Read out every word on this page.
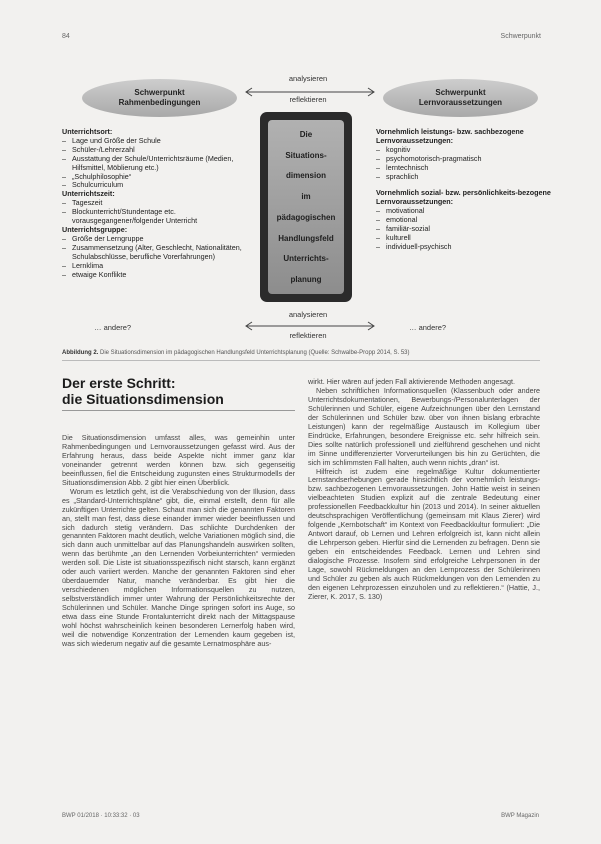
84	Schwerpunkt
Schwerpunkt
Rahmenbedingungen
Schwerpunkt
Lernvoraussetzungen
analysieren
reflektieren
Die
Situations-
dimension
im
pädagogischen
Handlungsfeld
Unterrichts-
planung
Unterrichtsort:
– Lage und Größe der Schule
– Schüler-/Lehrerzahl
– Ausstattung der Schule/Unterrichtsräume (Medien, Hilfsmittel, Möblierung etc.)
– „Schulphilosophie“
– Schulcurriculum
Unterrichtszeit:
– Tageszeit
– Blockunterricht/Stundentage etc. vorausgegangener/folgender Unterricht
Unterrichtsgruppe:
– Größe der Lerngruppe
– Zusammensetzung (Alter, Geschlecht, Nationalitäten, Schulabschlüsse, berufliche Vorerfahrungen)
– Lernklima
– etwaige Konflikte
… andere?
Vornehmlich leistungs- bzw. sachbezogene Lernvoraussetzungen:
– kognitiv
– psychomotorisch-pragmatisch
– lerntechnisch
– sprachlich
Vornehmlich sozial- bzw. persönlichkeits-bezogene Lernvoraussetzungen:
– motivational
– emotional
– familiär-sozial
– kulturell
– individuell-psychisch
… andere?
analysieren
reflektieren
Abbildung 2. Die Situationsdimension im pädagogischen Handlungsfeld Unterrichtsplanung (Quelle: Schwalbe-Propp 2014, S. 53)
Der erste Schritt:
die Situationsdimension

Die Situationsdimension umfasst alles, was gemeinhin unter Rahmenbedingungen und Lernvoraussetzungen gefasst wird. Aus der Erfahrung heraus, dass beide Aspekte nicht immer ganz klar voneinander getrennt werden können bzw. sich gegenseitig beeinflussen, fiel die Entscheidung zugunsten eines Strukturmodells der Situationsdimension Abb. 2 gibt hier einen Überblick.

Worum es letztlich geht, ist die Verabschiedung von der Illusion, dass es „Standard-Unterrichtspläne“ gibt, die, einmal erstellt, denn für alle zukünftigen Unterrichte gelten. Schaut man sich die genannten Faktoren an, stellt man fest, dass diese einander immer wieder beeinflussen und sich dadurch stetig verändern. Das schlichte Durchdenken der genannten Faktoren macht deutlich, welche Variationen möglich sind, die sich dann auch unmittelbar auf das Planungshandeln auswirken sollten, wenn das berühmte „an den Lernenden Vorbeiunterrichten“ vermieden werden soll. Die Liste ist situationsspezifisch nicht starsch, kann ergänzt oder auch variiert werden. Manche der genannten Faktoren sind eher überdauernder Natur, manche veränderbar. Es gibt hier die verschiedenen möglichen Informationsquellen zu nutzen, selbstverständlich immer unter Wahrung der Persönlichkeitsrechte der Schülerinnen und Schüler. Manche Dinge springen sofort ins Auge, so etwa dass eine Stunde Frontalunterricht direkt nach der Mittagspause wohl höchst wahrscheinlich keinen besonderen Lernerfolg haben wird, weil die notwendige Konzentration der Lernenden kaum gegeben ist, was sich wiederum negativ auf die gesamte Lernatmosphäre aus-

wirkt. Hier wären auf jeden Fall aktivierende Methoden angesagt.

Neben schriftlichen Informationsquellen (Klassenbuch oder andere Unterrichtsdokumentationen, Bewerbungs-/Personalunterlagen der Schülerinnen und Schüler, eigene Aufzeichnungen über den Lernstand der Schülerinnen und Schüler bzw. über von ihnen bislang erbrachte Leistungen) kann der regelmäßige Austausch im Kollegium über Eindrücke, Erfahrungen, besondere Ereignisse etc. sehr hilfreich sein. Dies sollte natürlich professionell und zielführend geschehen und nicht im Sinne undifferenzierter Vorverurteilungen bis hin zu Gerüchten, die sich im schlimmsten Fall halten, auch wenn nichts „dran“ ist.

Hilfreich ist zudem eine regelmäßige Kultur dokumentierter Lernstandserhebungen gerade hinsichtlich der vornehmlich leistungs- bzw. sachbezogenen Lernvoraussetzungen. John Hattie weist in seinen vielbeachteten Studien explizit auf die zentrale Bedeutung einer professionellen Feedbackkultur hin (2013 und 2014). In seiner aktuellen deutschsprachigen Veröffentlichung (gemeinsam mit Klaus Zierer) wird folgende „Kernbotschaft“ im Kontext von Feedbackkultur formuliert: „Die Antwort darauf, ob Lernen und Lehren erfolgreich ist, kann nicht allein die Lehrperson geben. Hierfür sind die Lernenden zu befragen. Denn sie geben ein entscheidendes Feedback. Lernen und Lehren sind dialogische Prozesse. Insofern sind erfolgreiche Lehrpersonen in der Lage, sowohl Rückmeldungen an den Lernprozess der Schülerinnen und Schüler zu geben als auch Rückmeldungen von den Lernenden zu den eigenen Lehrprozessen einzuholen und zu reflektieren.“ (Hattie, J., Zierer, K. 2017, S. 130)

BWP 01/2018 · 10:33:32 · 03	BWP Magazin
